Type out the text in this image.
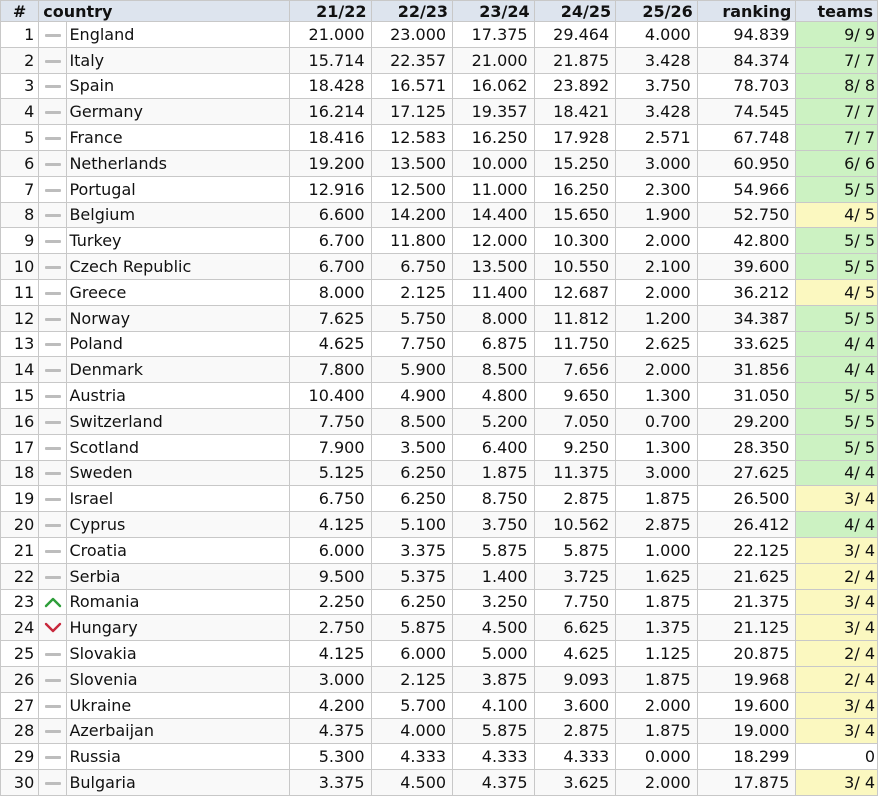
#	country		21/22	22/23	23/24	24/25	25/26	ranking	teams
1		England	21.000	23.000	17.375	29.464	4.000	94.839	9/ 9
2		Italy	15.714	22.357	21.000	21.875	3.428	84.374	7/ 7
3		Spain	18.428	16.571	16.062	23.892	3.750	78.703	8/ 8
4		Germany	16.214	17.125	19.357	18.421	3.428	74.545	7/ 7
5		France	18.416	12.583	16.250	17.928	2.571	67.748	7/ 7
6		Netherlands	19.200	13.500	10.000	15.250	3.000	60.950	6/ 6
7		Portugal	12.916	12.500	11.000	16.250	2.300	54.966	5/ 5
8		Belgium	6.600	14.200	14.400	15.650	1.900	52.750	4/ 5
9		Turkey	6.700	11.800	12.000	10.300	2.000	42.800	5/ 5
10		Czech Republic	6.700	6.750	13.500	10.550	2.100	39.600	5/ 5
11		Greece	8.000	2.125	11.400	12.687	2.000	36.212	4/ 5
12		Norway	7.625	5.750	8.000	11.812	1.200	34.387	5/ 5
13		Poland	4.625	7.750	6.875	11.750	2.625	33.625	4/ 4
14		Denmark	7.800	5.900	8.500	7.656	2.000	31.856	4/ 4
15		Austria	10.400	4.900	4.800	9.650	1.300	31.050	5/ 5
16		Switzerland	7.750	8.500	5.200	7.050	0.700	29.200	5/ 5
17		Scotland	7.900	3.500	6.400	9.250	1.300	28.350	5/ 5
18		Sweden	5.125	6.250	1.875	11.375	3.000	27.625	4/ 4
19		Israel	6.750	6.250	8.750	2.875	1.875	26.500	3/ 4
20		Cyprus	4.125	5.100	3.750	10.562	2.875	26.412	4/ 4
21		Croatia	6.000	3.375	5.875	5.875	1.000	22.125	3/ 4
22		Serbia	9.500	5.375	1.400	3.725	1.625	21.625	2/ 4
23		Romania	2.250	6.250	3.250	7.750	1.875	21.375	3/ 4
24		Hungary	2.750	5.875	4.500	6.625	1.375	21.125	3/ 4
25		Slovakia	4.125	6.000	5.000	4.625	1.125	20.875	2/ 4
26		Slovenia	3.000	2.125	3.875	9.093	1.875	19.968	2/ 4
27		Ukraine	4.200	5.700	4.100	3.600	2.000	19.600	3/ 4
28		Azerbaijan	4.375	4.000	5.875	2.875	1.875	19.000	3/ 4
29		Russia	5.300	4.333	4.333	4.333	0.000	18.299	0
30		Bulgaria	3.375	4.500	4.375	3.625	2.000	17.875	3/ 4
